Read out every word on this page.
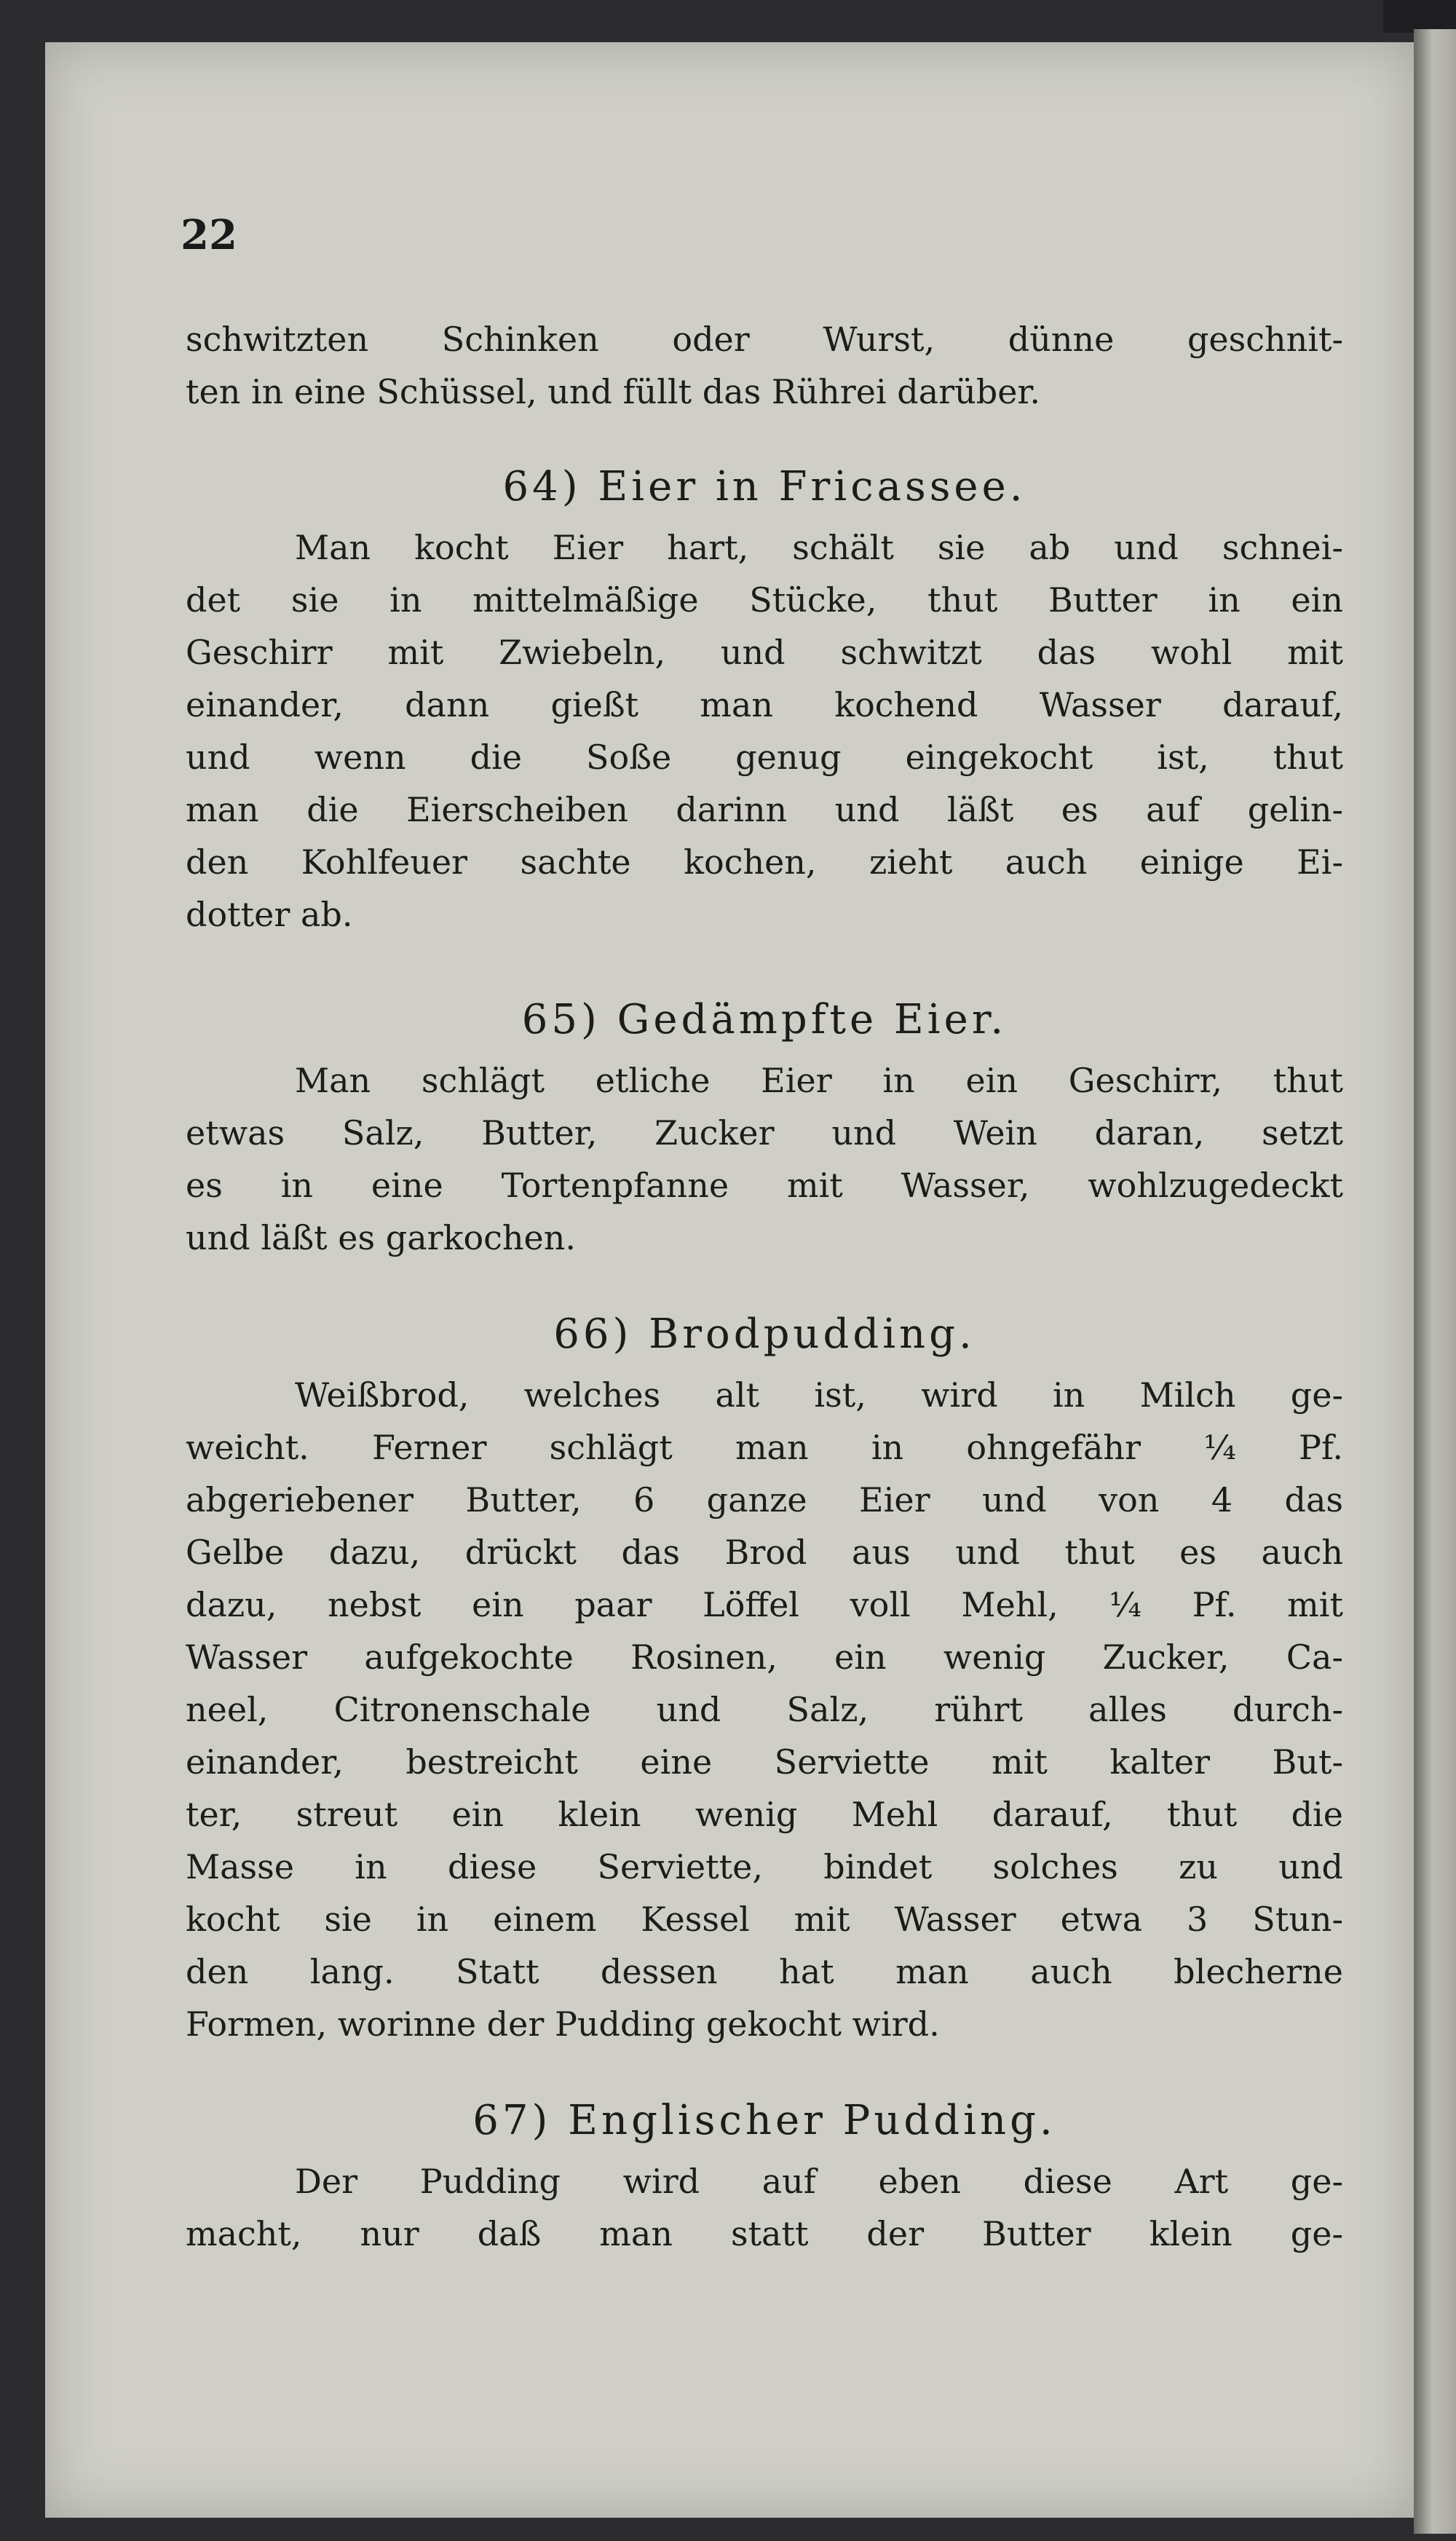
22
schwitzten Schinken oder Wurst, dünne geschnit-
ten in eine Schüssel, und füllt das Rührei darüber.
64) Eier in Fricassee.
Man kocht Eier hart, schält sie ab und schnei-
det sie in mittelmäßige Stücke, thut Butter in ein
Geschirr mit Zwiebeln, und schwitzt das wohl mit
einander, dann gießt man kochend Wasser darauf,
und wenn die Soße genug eingekocht ist, thut
man die Eierscheiben darinn und läßt es auf gelin-
den Kohlfeuer sachte kochen, zieht auch einige Ei-
dotter ab.
65) Gedämpfte Eier.
Man schlägt etliche Eier in ein Geschirr, thut
etwas Salz, Butter, Zucker und Wein daran, setzt
es in eine Tortenpfanne mit Wasser, wohlzugedeckt
und läßt es garkochen.
66) Brodpudding.
Weißbrod, welches alt ist, wird in Milch ge-
weicht. Ferner schlägt man in ohngefähr ¼ Pf.
abgeriebener Butter, 6 ganze Eier und von 4 das
Gelbe dazu, drückt das Brod aus und thut es auch
dazu, nebst ein paar Löffel voll Mehl, ¼ Pf. mit
Wasser aufgekochte Rosinen, ein wenig Zucker, Ca-
neel, Citronenschale und Salz, rührt alles durch-
einander, bestreicht eine Serviette mit kalter But-
ter, streut ein klein wenig Mehl darauf, thut die
Masse in diese Serviette, bindet solches zu und
kocht sie in einem Kessel mit Wasser etwa 3 Stun-
den lang. Statt dessen hat man auch blecherne
Formen, worinne der Pudding gekocht wird.
67) Englischer Pudding.
Der Pudding wird auf eben diese Art ge-
macht, nur daß man statt der Butter klein ge-
